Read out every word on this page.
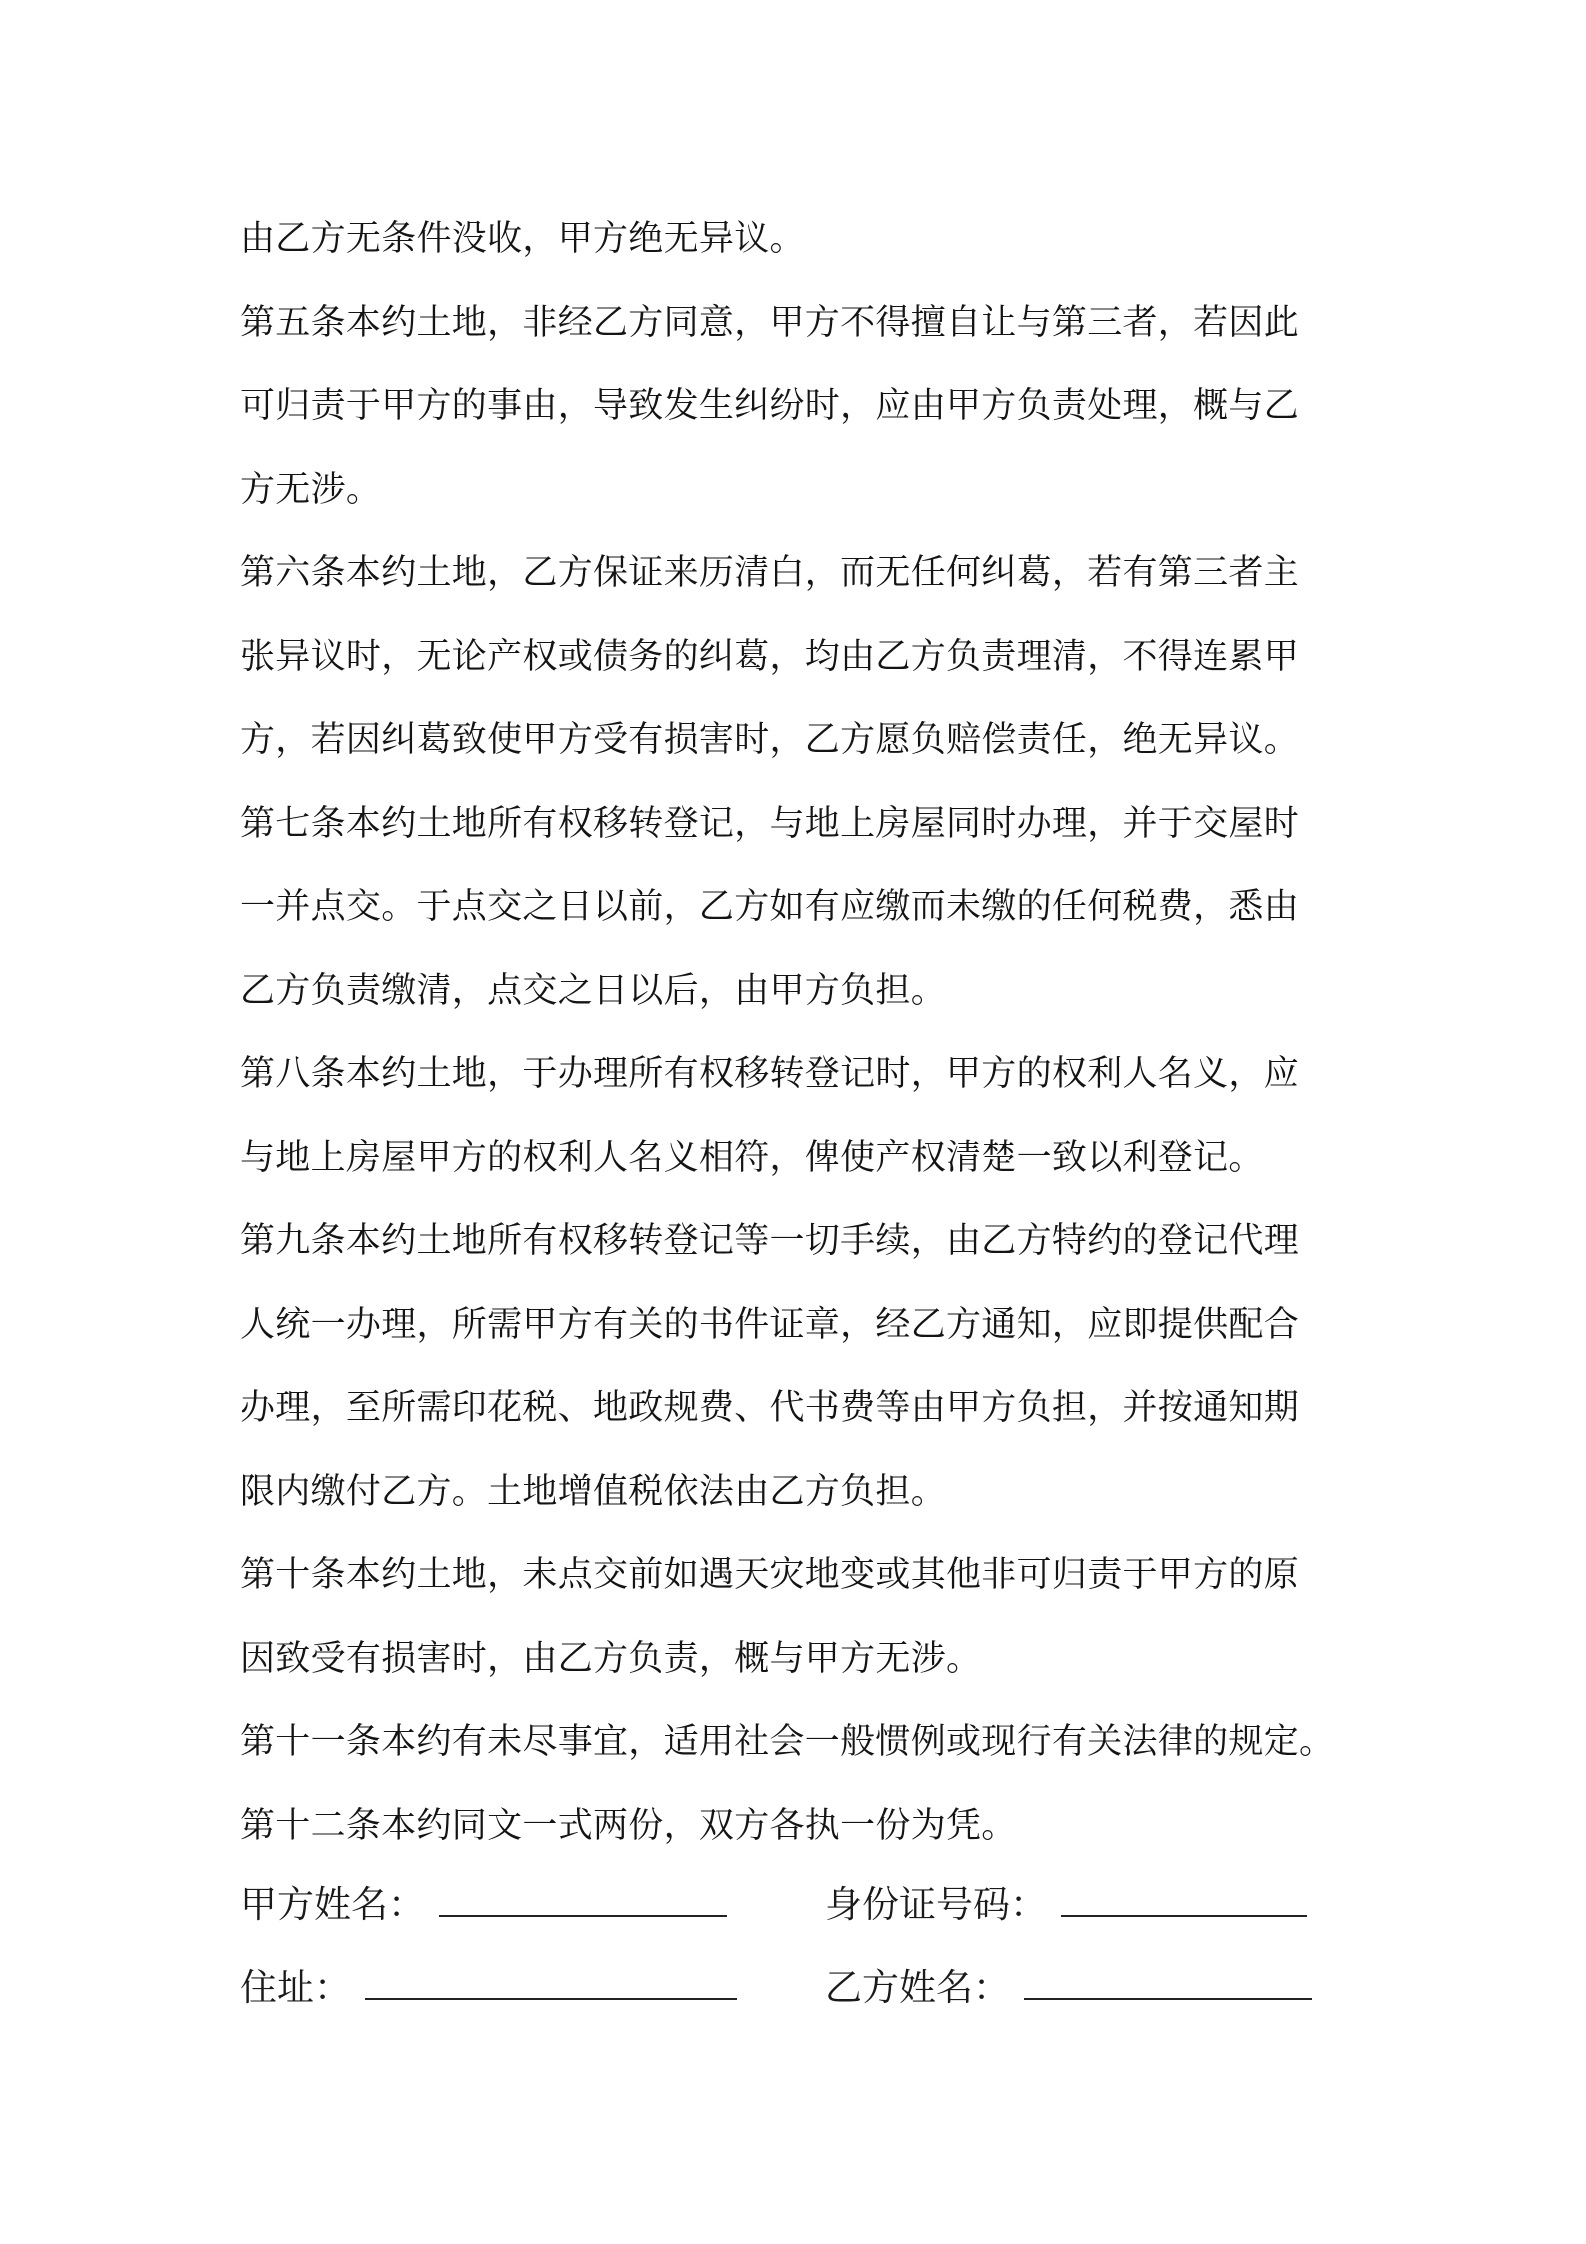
由乙方无条件没收，甲方绝无异议。
第五条本约土地，非经乙方同意，甲方不得擅自让与第三者，若因此
可归责于甲方的事由，导致发生纠纷时，应由甲方负责处理，概与乙
方无涉。
第六条本约土地，乙方保证来历清白，而无任何纠葛，若有第三者主
张异议时，无论产权或债务的纠葛，均由乙方负责理清，不得连累甲
方，若因纠葛致使甲方受有损害时，乙方愿负赔偿责任，绝无异议。
第七条本约土地所有权移转登记，与地上房屋同时办理，并于交屋时
一并点交。于点交之日以前，乙方如有应缴而未缴的任何税费，悉由
乙方负责缴清，点交之日以后，由甲方负担。
第八条本约土地，于办理所有权移转登记时，甲方的权利人名义，应
与地上房屋甲方的权利人名义相符，俾使产权清楚一致以利登记。
第九条本约土地所有权移转登记等一切手续，由乙方特约的登记代理
人统一办理，所需甲方有关的书件证章，经乙方通知，应即提供配合
办理，至所需印花税、地政规费、代书费等由甲方负担，并按通知期
限内缴付乙方。土地增值税依法由乙方负担。
第十条本约土地，未点交前如遇天灾地变或其他非可归责于甲方的原
因致受有损害时，由乙方负责，概与甲方无涉。
第十一条本约有未尽事宜，适用社会一般惯例或现行有关法律的规定。
第十二条本约同文一式两份，双方各执一份为凭。
甲方姓名：	身份证号码：
住址：	乙方姓名：
